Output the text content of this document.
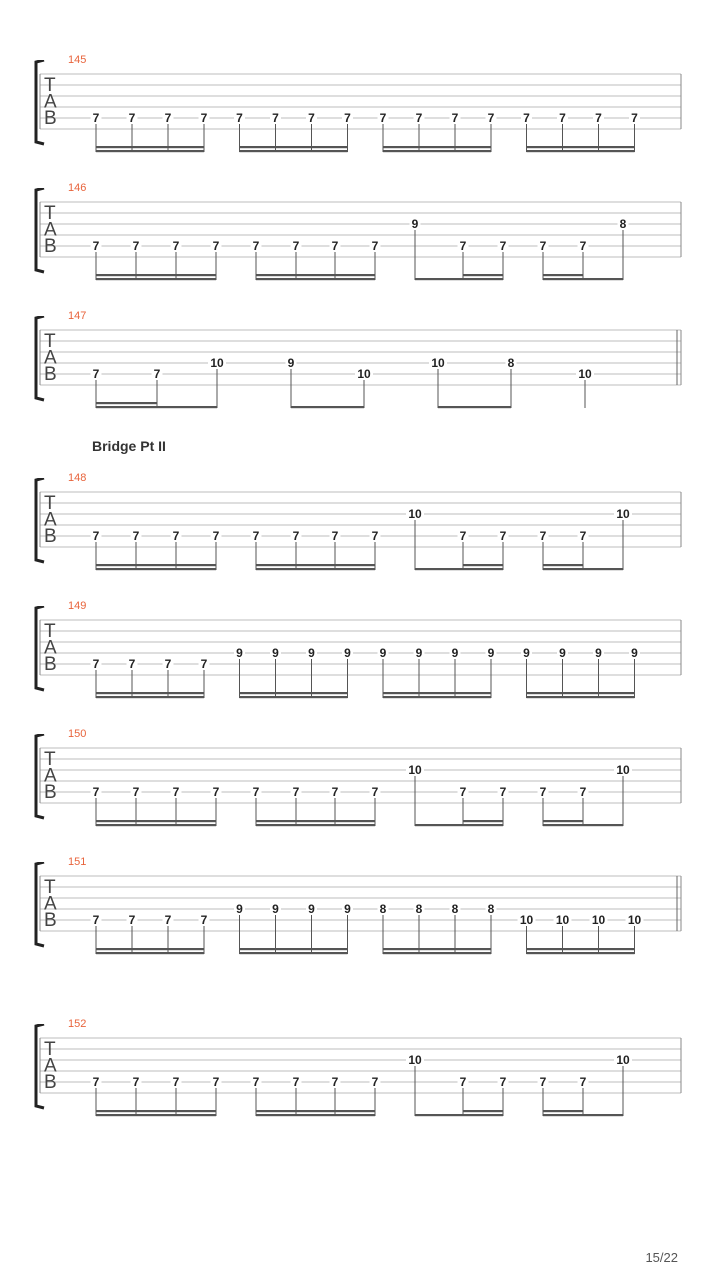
145
T
A
B	7 7 7 7 7 7 7 7 7 7 7 7 7 7 7 7
146
T
A
B	7	7	7	7	7	7	7	7
9
7	7	7	7
8
147
T
A
B	7	7
10	9
10
10	8
10
Bridge Pt II
148
T
A
B	7	7	7	7	7	7	7	7
10
7	7	7	7
10
149
T
A
B	7 7 7 7
9 9 9 9 9 9 9 9 9 9 9 9
150
T
A
B	7	7	7	7	7	7	7	7
10
7	7	7	7
10
151
T
A
B	7 7 7 7
9 9 9 9 8 8 8 8
10 10 10 10
152
T
A
B	7	7	7	7	7	7	7	7
10
7	7	7	7
10
15/22
